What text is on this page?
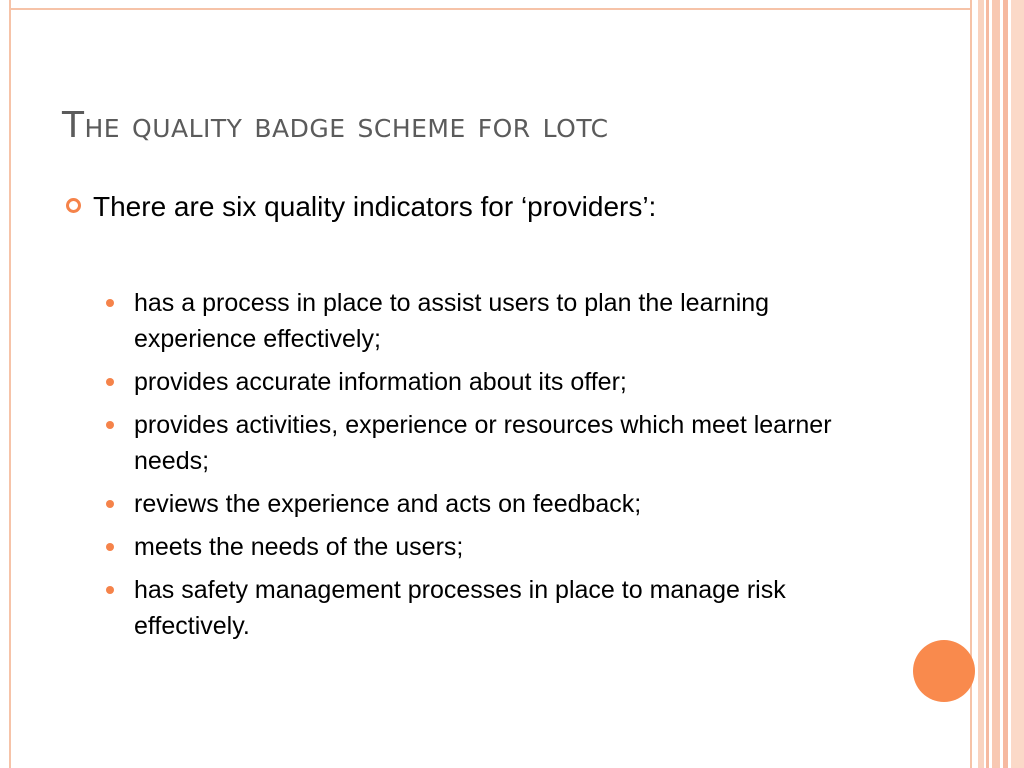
The quality badge scheme for lotc
There are six quality indicators for ‘providers’:
has a process in place to assist users to plan the learning experience effectively;
provides accurate information about its offer;
provides activities, experience or resources which meet learner needs;
reviews the experience and acts on feedback;
meets the needs of the users;
has safety management processes in place to manage risk effectively.
